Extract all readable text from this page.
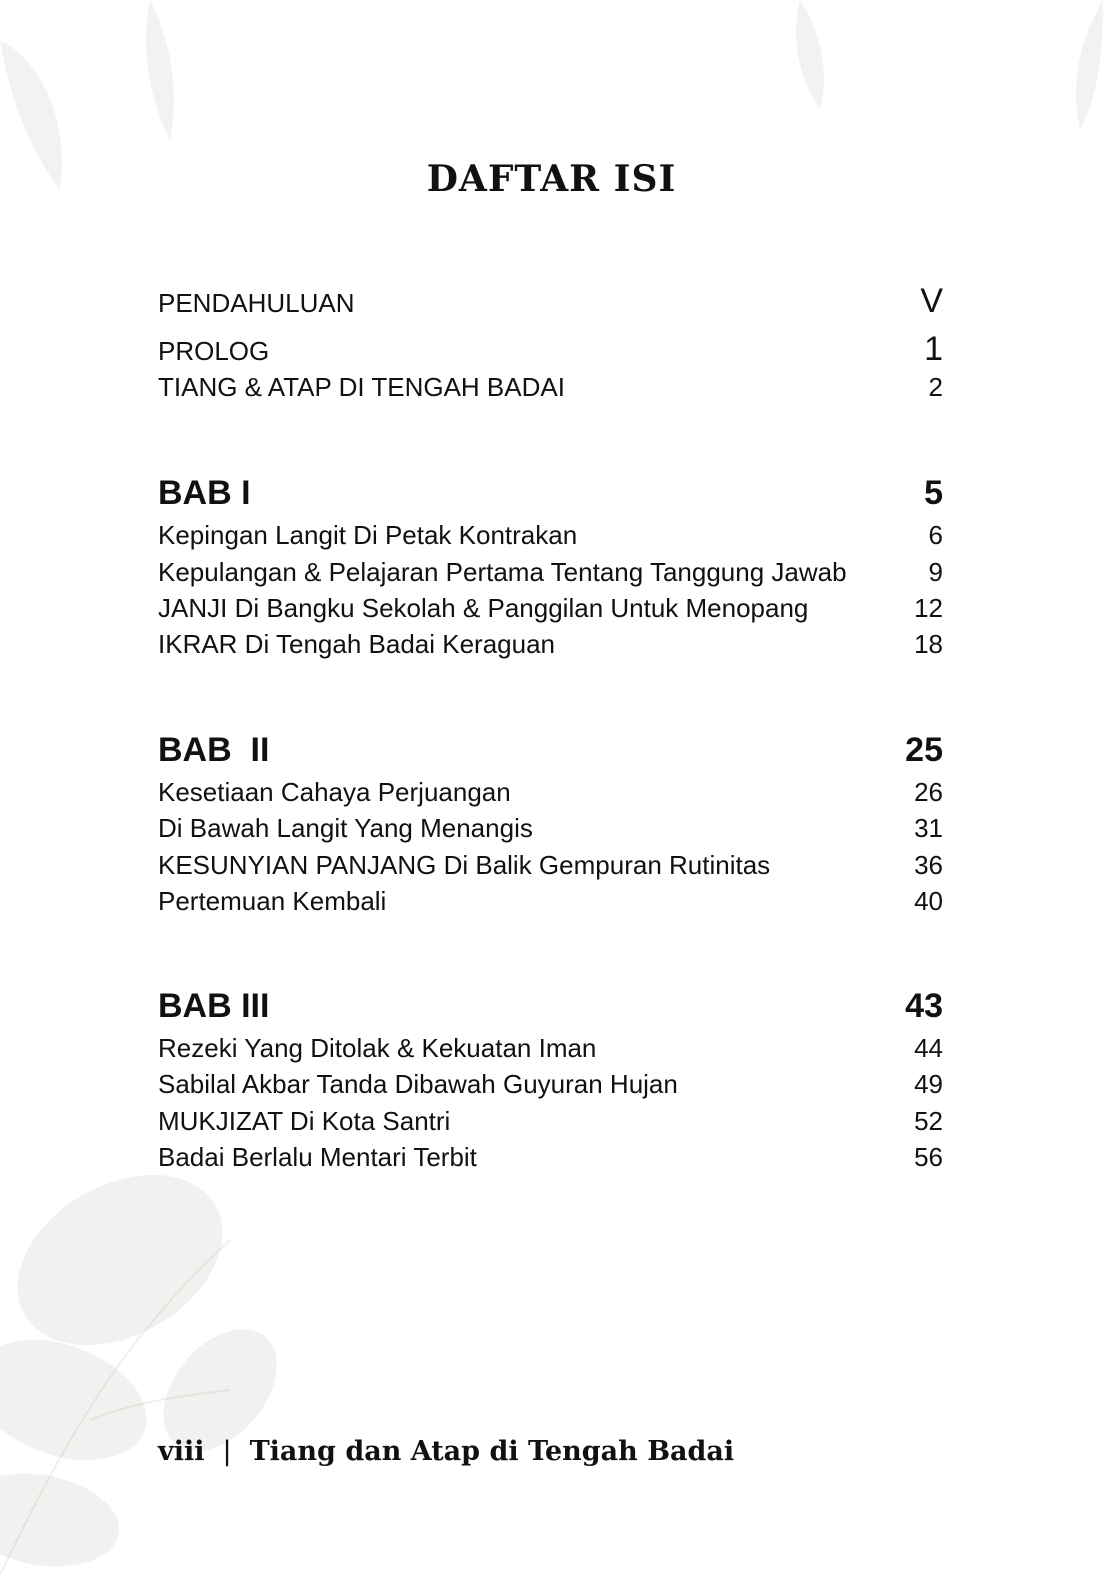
DAFTAR ISI
PENDAHULUAN	V
PROLOG	1
TIANG & ATAP DI TENGAH BADAI	2
BAB I	5
Kepingan Langit Di Petak Kontrakan	6
Kepulangan & Pelajaran Pertama Tentang Tanggung Jawab	9
JANJI Di Bangku Sekolah & Panggilan Untuk Menopang	12
IKRAR Di Tengah Badai Keraguan	18
BAB  II	25
Kesetiaan Cahaya Perjuangan	26
Di Bawah Langit Yang Menangis	31
KESUNYIAN PANJANG Di Balik Gempuran Rutinitas	36
Pertemuan Kembali	40
BAB III	43
Rezeki Yang Ditolak & Kekuatan Iman	44
Sabilal Akbar Tanda Dibawah Guyuran Hujan	49
MUKJIZAT Di Kota Santri	52
Badai Berlalu Mentari Terbit	56
viii | Tiang dan Atap di Tengah Badai
